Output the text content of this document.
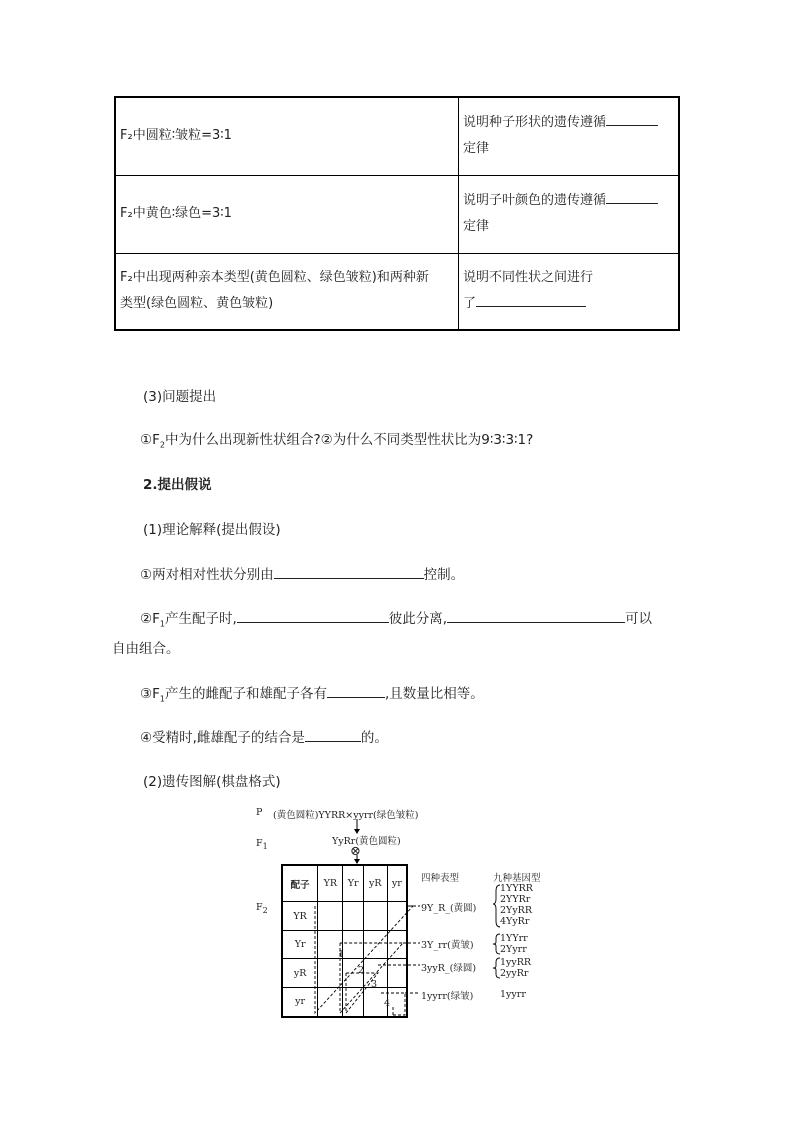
F₂中圆粒∶皱粒=3∶1	说明种子形状的遗传遵循
定律
F₂中黄色∶绿色=3∶1	说明子叶颜色的遗传遵循
定律
F₂中出现两种亲本类型(黄色圆粒、绿色皱粒)和两种新
类型(绿色圆粒、黄色皱粒)	说明不同性状之间进行
了
(3)问题提出
$①F_2$中为什么出现新性状组合?②为什么不同类型性状比为9∶3∶3∶1?
2.提出假说
(1)理论解释(提出假设)
①两对相对性状分别由	控制。
$②F_1$产生配子时,	彼此分离,	可以
自由组合。
$③F_1$产生的雌配子和雄配子各有	,且数量比相等。
④受精时,雌雄配子的结合是	的。
(2)遗传图解(棋盘格式)
P (黄色圆粒)YYRR×yyrr(绿色皱粒)
$F_1$	YyRr(黄色圆粒)
⊗
$F_2$
配子	YR	Yr	yR	yr
YR				
Yr				
yR				
yr				
1
2
3
4
四种表型	九种基因型
9Y_R_(黄圆)
3Y_rr(黄皱)
3yyR_(绿圆)
1yyrr(绿皱)
1YYRR
2YYRr
2YyRR
4YyRr
1YYrr
2Yyrr
1yyRR
2yyRr
1yyrr
